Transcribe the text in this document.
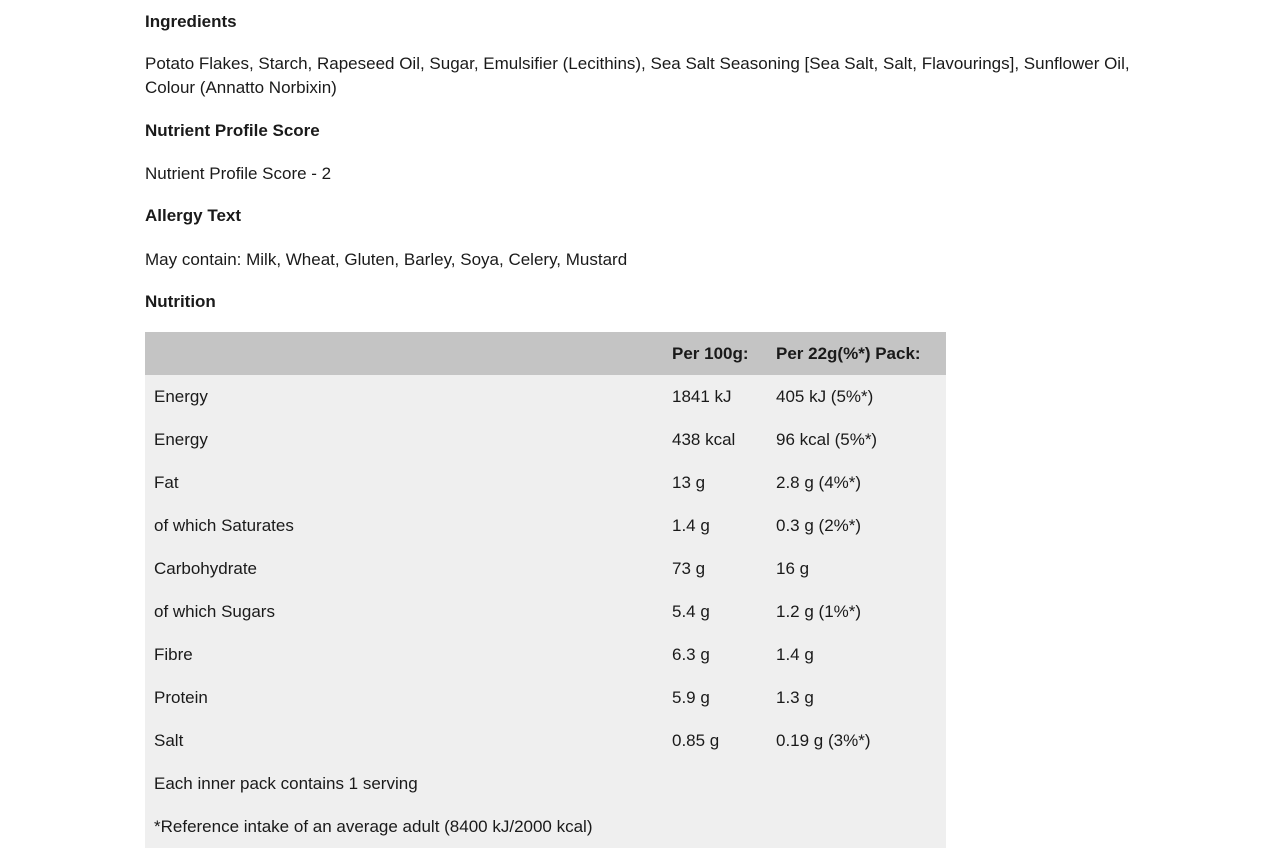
Ingredients

Potato Flakes, Starch, Rapeseed Oil, Sugar, Emulsifier (Lecithins), Sea Salt Seasoning [Sea Salt, Salt, Flavourings], Sunflower Oil, Colour (Annatto Norbixin)

Nutrient Profile Score

Nutrient Profile Score - 2

Allergy Text

May contain: Milk, Wheat, Gluten, Barley, Soya, Celery, Mustard

Nutrition
	Per 100g:	Per 22g(%*) Pack:
Energy	1841 kJ	405 kJ (5%*)
Energy	438 kcal	96 kcal (5%*)
Fat	13 g	2.8 g (4%*)
of which Saturates	1.4 g	0.3 g (2%*)
Carbohydrate	73 g	16 g
of which Sugars	5.4 g	1.2 g (1%*)
Fibre	6.3 g	1.4 g
Protein	5.9 g	1.3 g
Salt	0.85 g	0.19 g (3%*)
Each inner pack contains 1 serving		
*Reference intake of an average adult (8400 kJ/2000 kcal)		
